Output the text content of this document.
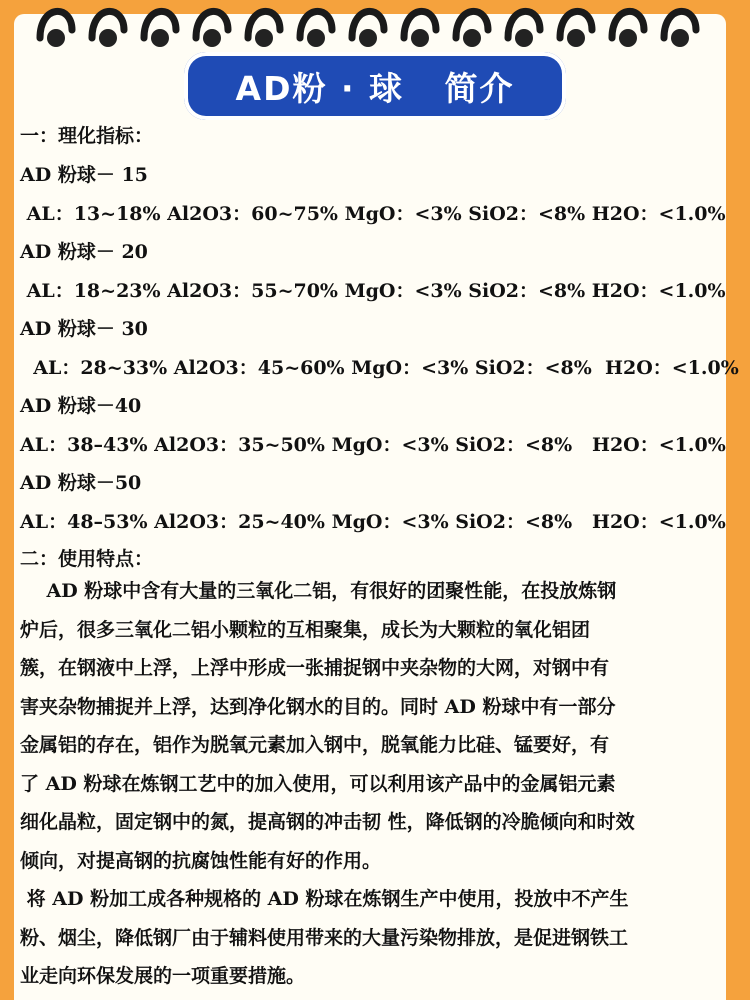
AD粉 · 球   简介
一：理化指标：
AD 粉球－ 15
AL：13~18% Al2O3：60~75% MgO：<3% SiO2：<8% H2O：<1.0%
AD 粉球－ 20
AL：18~23% Al2O3：55~70% MgO：<3% SiO2：<8% H2O：<1.0%
AD 粉球－ 30
AL：28~33% Al2O3：45~60% MgO：<3% SiO2：<8%  H2O：<1.0%
AD 粉球－40
AL：38–43% Al2O3：35~50% MgO：<3% SiO2：<8%   H2O：<1.0%
AD 粉球－50
AL：48–53% Al2O3：25~40% MgO：<3% SiO2：<8%   H2O：<1.0%
二：使用特点：
AD 粉球中含有大量的三氧化二铝，有很好的团聚性能，在投放炼钢
炉后，很多三氧化二铝小颗粒的互相聚集，成长为大颗粒的氧化铝团
簇，在钢液中上浮，上浮中形成一张捕捉钢中夹杂物的大网，对钢中有
害夹杂物捕捉并上浮，达到净化钢水的目的。同时 AD 粉球中有一部分
金属铝的存在，铝作为脱氧元素加入钢中，脱氧能力比硅、锰要好，有
了 AD 粉球在炼钢工艺中的加入使用，可以利用该产品中的金属铝元素
细化晶粒，固定钢中的氮，提高钢的冲击韧 性，降低钢的冷脆倾向和时效
倾向，对提高钢的抗腐蚀性能有好的作用。
将 AD 粉加工成各种规格的 AD 粉球在炼钢生产中使用，投放中不产生
粉、烟尘，降低钢厂由于辅料使用带来的大量污染物排放，是促进钢铁工
业走向环保发展的一项重要措施。
